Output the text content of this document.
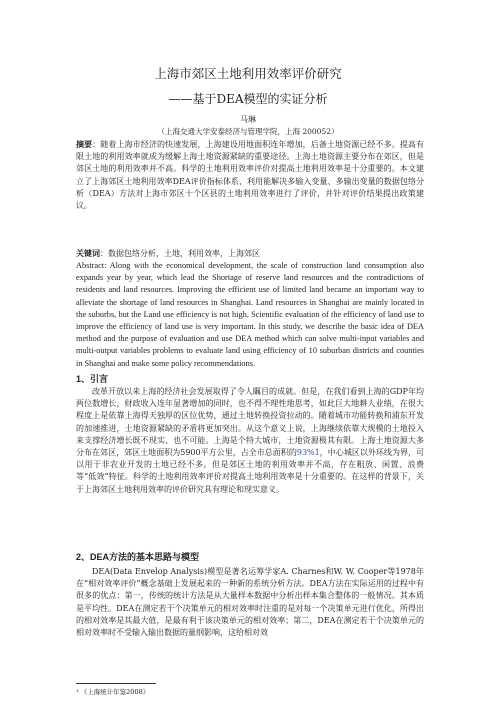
上海市郊区土地利用效率评价研究
——基于DEA模型的实证分析
马琳
（上海交通大学安泰经济与管理学院，上海 200052）
摘要：随着上海市经济的快速发展，上海建设用地面积连年增加，后备土地资源已经不多。提高有限土地的利用效率就成为缓解上海土地资源紧缺的重要途径。上海土地资源主要分布在郊区，但是郊区土地的利用效率并不高。科学的土地利用效率评价对提高土地利用效率是十分重要的。本文建立了上海郊区土地利用效率DEA评价指标体系，利用能解决多输入变量、多输出变量的数据包络分析（DEA）方法对上海市郊区十个区县的土地利用效率进行了评价，并针对评价结果提出政策建议。
关键词：数据包络分析，土地，利用效率，上海郊区
Abstract: Along with the economical development, the scale of construction land consumption also expands year by year, which lead the Shortage of reserve land resources and the contradictions of residents and land resources. Improving the efficient use of limited land became an important way to alleviate the shortage of land resources in Shanghai. Land resources in Shanghai are mainly located in the suburbs, but the Land use efficiency is not high. Scientific evaluation of the efficiency of land use to improve the efficiency of land use is very important. In this study, we describe the basic idea of DEA method and the purpose of evaluation and use DEA method which can solve multi-input variables and multi-output variables problems to evaluate land using efficiency of 10 suburban districts and counties in Shanghai and make some policy recommendations.
1、引言
改革开放以来上海的经济社会发展取得了令人瞩目的成就。但是，在我们看到上海的GDP年均两位数增长，财政收入连年显著增加的同时，也不得不理性地思考，如此巨大地耕人业绩，在很大程度上是依靠上海得天独厚的区位优势，通过土地转换投资拉动的。随着城市功能转换和浦东开发的加速推进，土地资源紧缺的矛盾将更加突出。从这个意义上说，上海继续依靠大规模的土地投入来支撑经济增长既不现实、也不可能。上海是个特大城市，土地资源极其有限。上海土地资源大多分布在郊区，郊区土地面积为5900平方公里，占全市总面积的93%1，中心城区以外环线为界，可以用于非农业开发的土地已经不多。但是郊区土地的利用效率并不高，存在粗放、闲置、浪费等“低效”特征。科学的土地利用效率评价对提高土地利用效率是十分重要的。在这样的背景下，关于上海郊区土地利用效率的评价研究具有理论和现实意义。
2、DEA方法的基本思路与模型
DEA(Data Envelop Analysis)模型是著名运筹学家A. Charnes和W. W. Cooper等1978年在“相对效率评价”概念基础上发展起来的一种新的系统分析方法。DEA方法在实际运用的过程中有很多的优点：第一，传统的统计方法是从大量样本数据中分析出样本集合整体的一般情况。其本质是平均性。DEA在测定若干个决策单元的相对效率时注重的是对每一个决策单元进行优化，所得出的相对效率是其最大值，是最有利于该决策单元的相对效率；第二，DEA在测定若干个决策单元的相对效率时不受输入输出数据的量纲影响，这给相对效
¹ 《上海统计年鉴2008》
